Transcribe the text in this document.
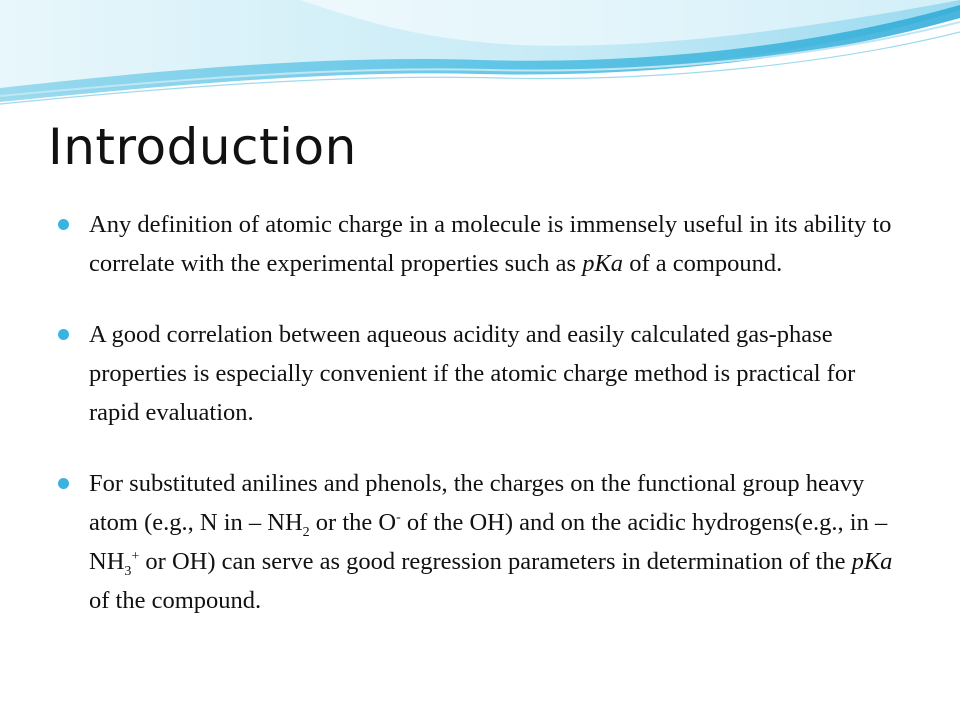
Introduction
Any definition of atomic charge in a molecule is immensely useful in its ability to correlate with the experimental properties such as pKa of a compound.
A good correlation between aqueous acidity and easily calculated gas-phase properties is especially convenient if the atomic charge method is practical for rapid evaluation.
For substituted anilines and phenols, the charges on the functional group heavy atom (e.g., N in – $NH_2$ or the O- of the OH) and on the acidic hydrogens(e.g., in $-NH_3^+$ or OH) can serve as good regression parameters in determination of the pKa of the compound.
